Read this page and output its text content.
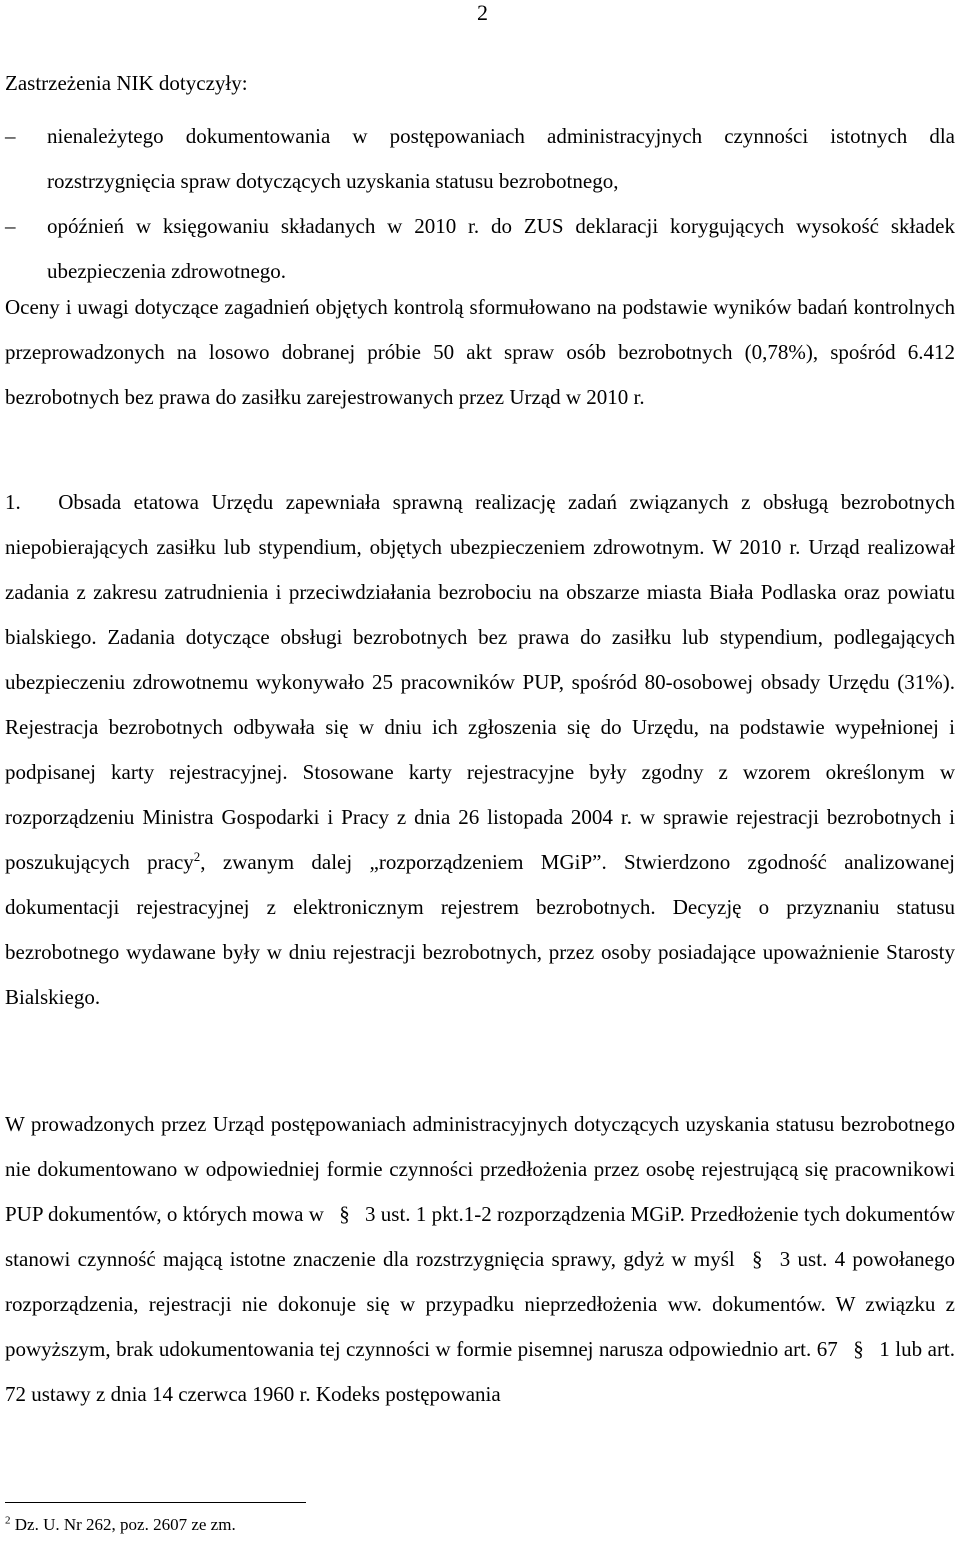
2
Zastrzeżenia NIK dotyczyły:
–	nienależytego dokumentowania w postępowaniach administracyjnych czynności istotnych dla rozstrzygnięcia spraw dotyczących uzyskania statusu bezrobotnego,
–	opóźnień w księgowaniu składanych w 2010 r. do ZUS deklaracji korygujących wysokość składek ubezpieczenia zdrowotnego.

Oceny i uwagi dotyczące zagadnień objętych kontrolą sformułowano na podstawie wyników badań kontrolnych przeprowadzonych na losowo dobranej próbie 50 akt spraw osób bezrobotnych (0,78%), spośród 6.412 bezrobotnych bez prawa do zasiłku zarejestrowanych przez Urząd w 2010 r.

1. Obsada etatowa Urzędu zapewniała sprawną realizację zadań związanych z obsługą bezrobotnych niepobierających zasiłku lub stypendium, objętych ubezpieczeniem zdrowotnym. W 2010 r. Urząd realizował zadania z zakresu zatrudnienia i przeciwdziałania bezrobociu na obszarze miasta Biała Podlaska oraz powiatu bialskiego. Zadania dotyczące obsługi bezrobotnych bez prawa do zasiłku lub stypendium, podlegających ubezpieczeniu zdrowotnemu wykonywało 25 pracowników PUP, spośród 80-osobowej obsady Urzędu (31%). Rejestracja bezrobotnych odbywała się w dniu ich zgłoszenia się do Urzędu, na podstawie wypełnionej i podpisanej karty rejestracyjnej. Stosowane karty rejestracyjne były zgodny z wzorem określonym w rozporządzeniu Ministra Gospodarki i Pracy z dnia 26 listopada 2004 r. w sprawie rejestracji bezrobotnych i poszukujących pracy$^2$, zwanym dalej „rozporządzeniem MGiP”. Stwierdzono zgodność analizowanej dokumentacji rejestracyjnej z elektronicznym rejestrem bezrobotnych. Decyzję o przyznaniu statusu bezrobotnego wydawane były w dniu rejestracji bezrobotnych, przez osoby posiadające upoważnienie Starosty Bialskiego.

W prowadzonych przez Urząd postępowaniach administracyjnych dotyczących uzyskania statusu bezrobotnego nie dokumentowano w odpowiedniej formie czynności przedłożenia przez osobę rejestrującą się pracownikowi PUP dokumentów, o których mowa w § 3 ust. 1 pkt.1-2 rozporządzenia MGiP. Przedłożenie tych dokumentów stanowi czynność mającą istotne znaczenie dla rozstrzygnięcia sprawy, gdyż w myśl § 3 ust. 4 powołanego rozporządzenia, rejestracji nie dokonuje się w przypadku nieprzedłożenia ww. dokumentów. W związku z powyższym, brak udokumentowania tej czynności w formie pisemnej narusza odpowiednio art. 67 § 1 lub art. 72 ustawy z dnia 14 czerwca 1960 r. Kodeks postępowania

$^2$ Dz. U. Nr 262, poz. 2607 ze zm.
